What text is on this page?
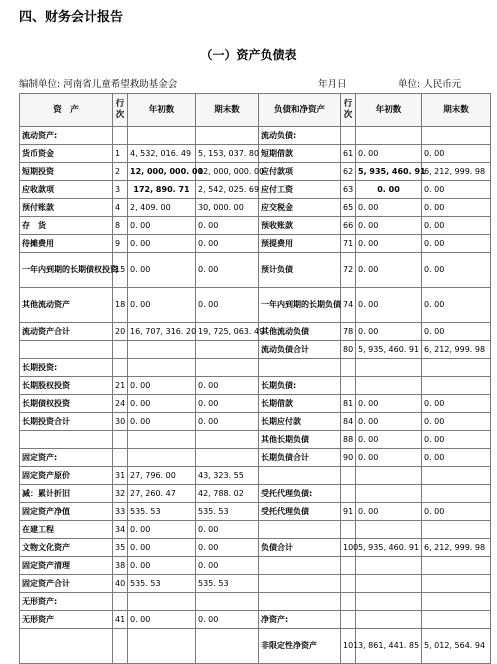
四、财务会计报告
（一）资产负债表
编制单位: 河南省儿童希望救助基金会	年月日	单位: 人民币元
资　产	行次	年初数	期末数	负债和净资产	行次	年初数	期末数
流动资产:				流动负债:			
货币资金	1	4, 532, 016. 49	5, 153, 037. 80	短期借款	61	0. 00	0. 00
短期投资	2	12, 000, 000. 00	12, 000, 000. 00	应付款项	62	5, 935, 460. 91	6, 212, 999. 98
应收款项	3	172, 890. 71	2, 542, 025. 69	应付工资	63	0. 00	0. 00
预付账款	4	2, 409. 00	30, 000. 00	应交税金	65	0. 00	0. 00
存　货	8	0. 00	0. 00	预收账款	66	0. 00	0. 00
待摊费用	9	0. 00	0. 00	预提费用	71	0. 00	0. 00
一年内到期的长期债权投资	15	0. 00	0. 00	预计负债	72	0. 00	0. 00
其他流动资产	18	0. 00	0. 00	一年内到期的长期负债	74	0. 00	0. 00
流动资产合计	20	16, 707, 316. 20	19, 725, 063. 49	其他流动负债	78	0. 00	0. 00
				流动负债合计	80	5, 935, 460. 91	6, 212, 999. 98
长期投资:							
长期股权投资	21	0. 00	0. 00	长期负债:			
长期债权投资	24	0. 00	0. 00	长期借款	81	0. 00	0. 00
长期投资合计	30	0. 00	0. 00	长期应付款	84	0. 00	0. 00
				其他长期负债	88	0. 00	0. 00
固定资产:				长期负债合计	90	0. 00	0. 00
固定资产原价	31	27, 796. 00	43, 323. 55				
减：累计折旧	32	27, 260. 47	42, 788. 02	受托代理负债:			
固定资产净值	33	535. 53	535. 53	受托代理负债	91	0. 00	0. 00
在建工程	34	0. 00	0. 00				
文物文化资产	35	0. 00	0. 00	负债合计	100	5, 935, 460. 91	6, 212, 999. 98
固定资产清理	38	0. 00	0. 00				
固定资产合计	40	535. 53	535. 53				
无形资产:							
无形资产	41	0. 00	0. 00	净资产:			
				非限定性净资产	101	3, 861, 441. 85	5, 012, 564. 94
